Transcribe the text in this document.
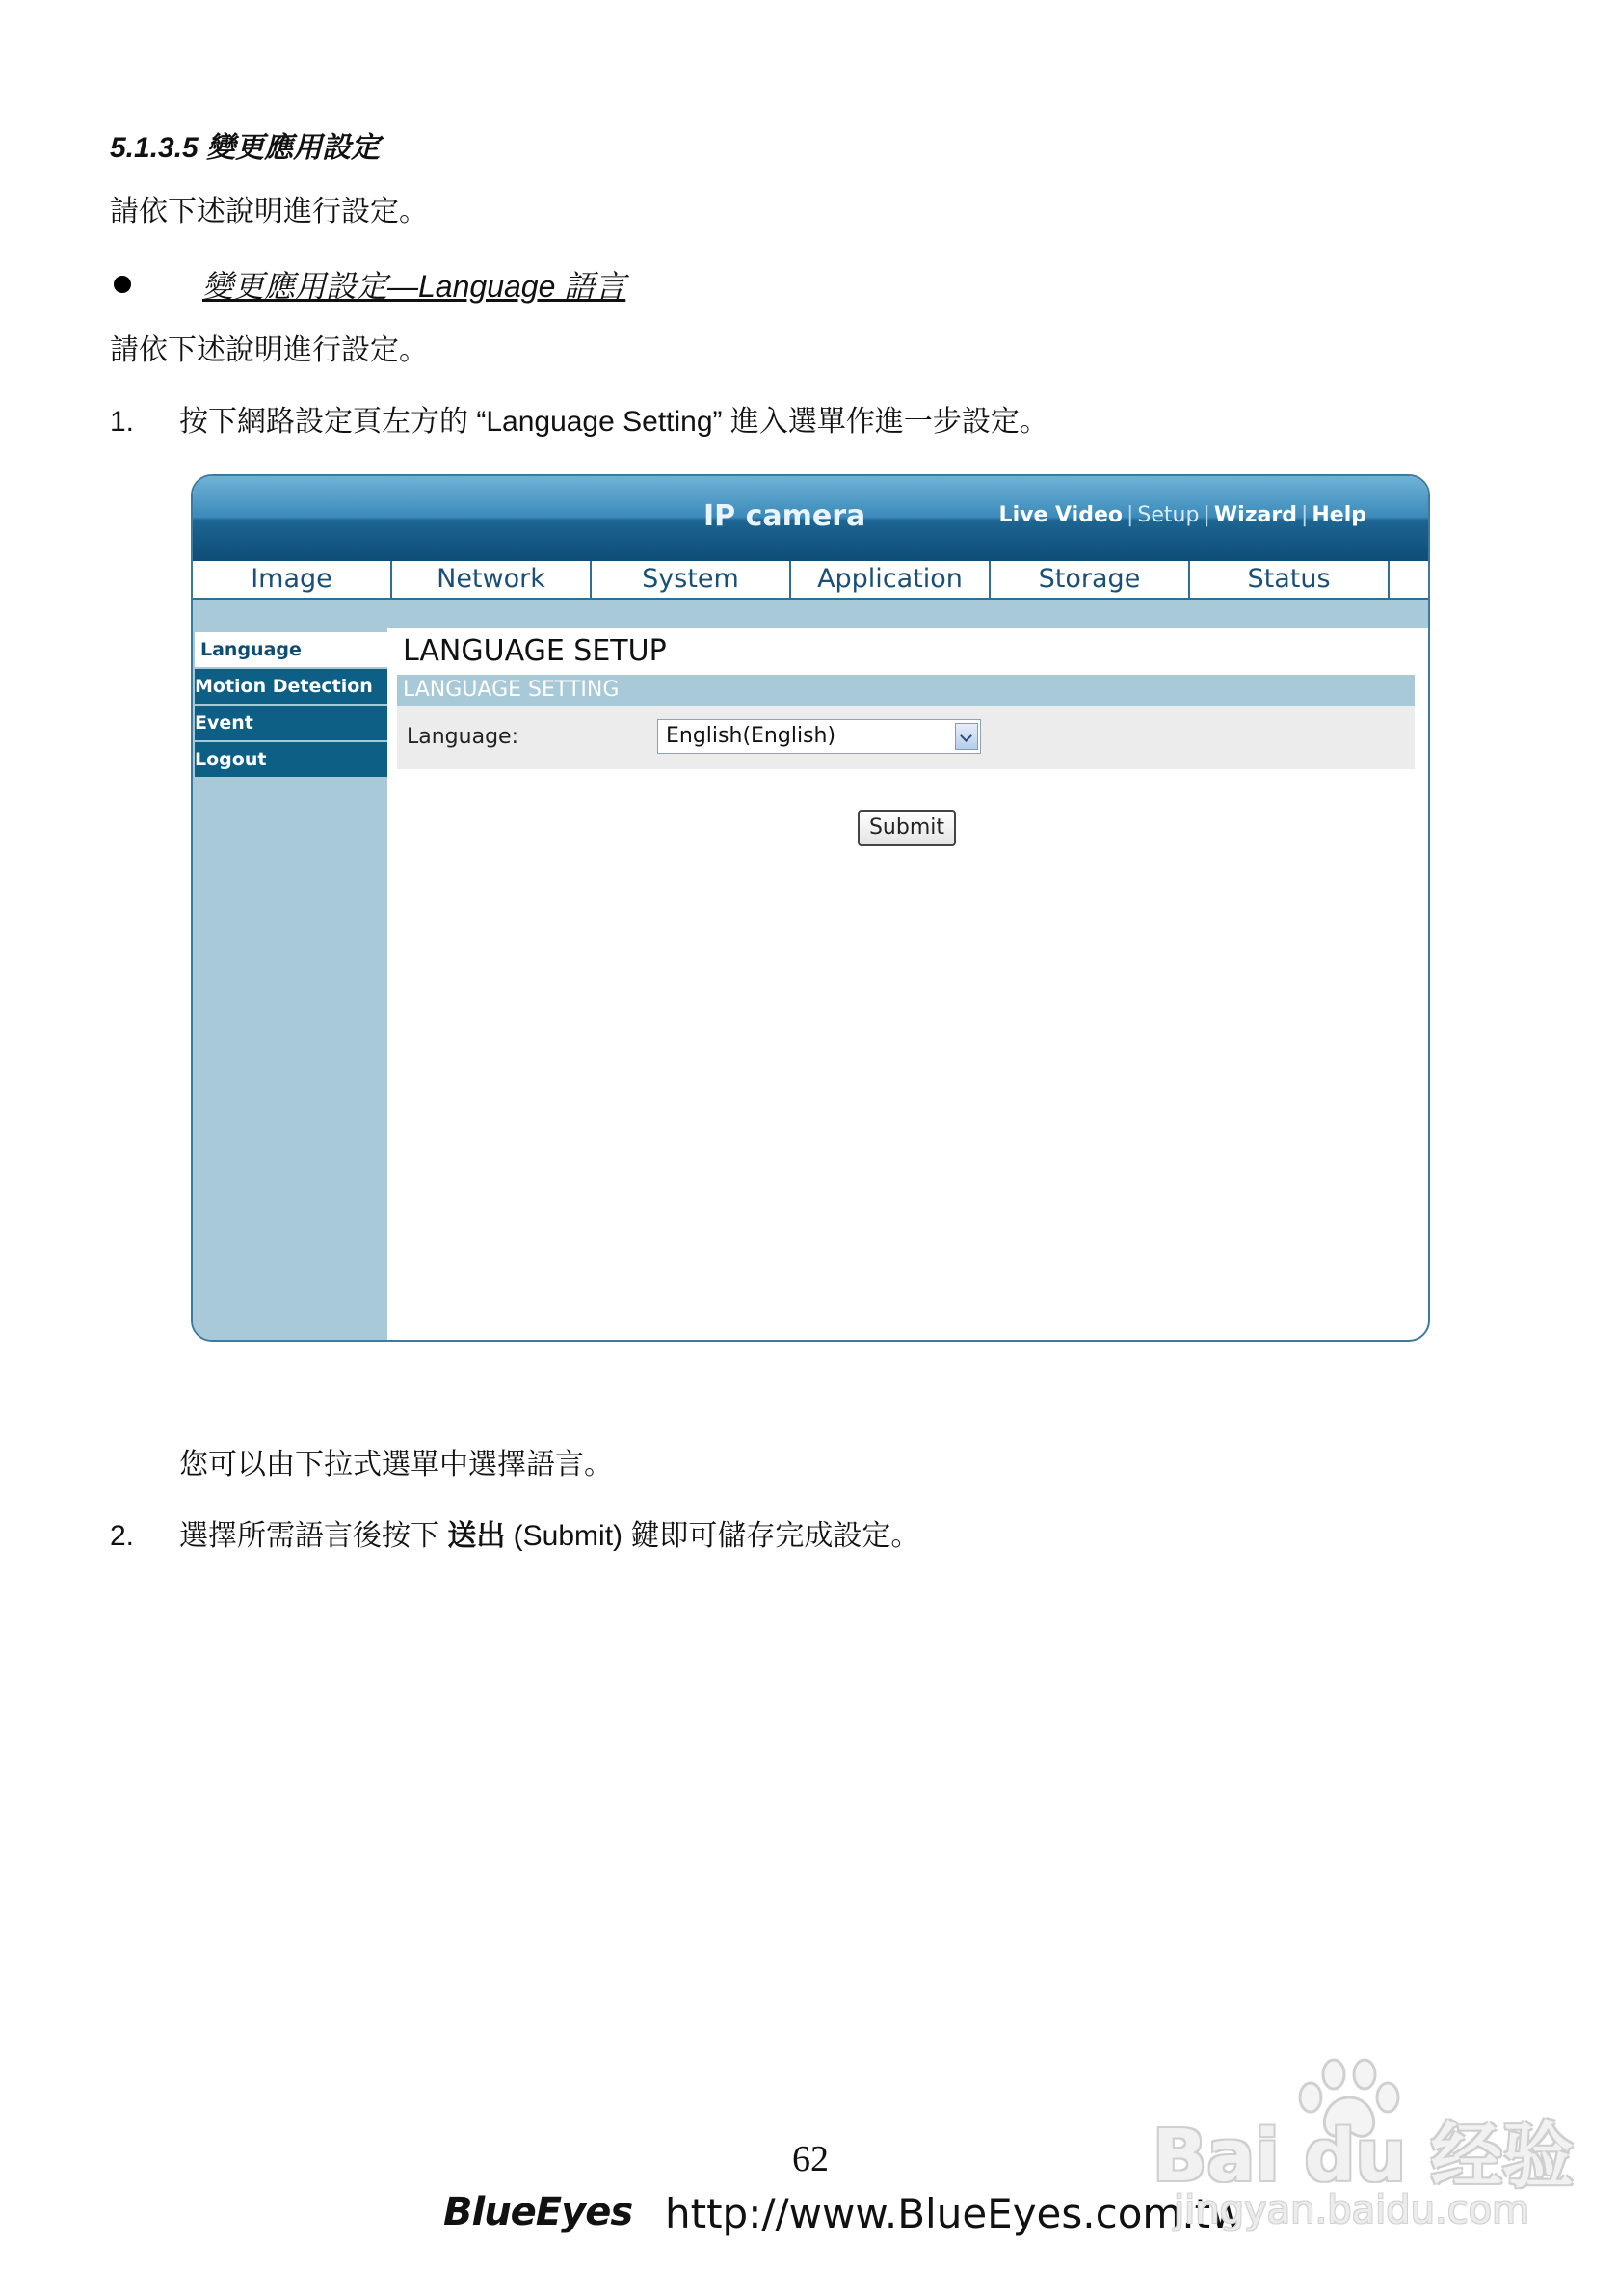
5.1.3.5 變更應用設定
請依下述說明進行設定。
變更應用設定—Language 語言
請依下述說明進行設定。
1. 按下網路設定頁左方的 “Language Setting” 進入選單作進一步設定。
IP camera	Live Video | Setup | Wizard | Help
Image	Network	System	Application	Storage	Status
Language
Motion Detection
Event
Logout
LANGUAGE SETUP
LANGUAGE SETTING
Language:	English(English)
Submit
您可以由下拉式選單中選擇語言。
2. 選擇所需語言後按下 送出 (Submit) 鍵即可儲存完成設定。
62
BlueEyes http://www.BlueEyes.com.tw
Bai du 经验
jingyan.baidu.com
